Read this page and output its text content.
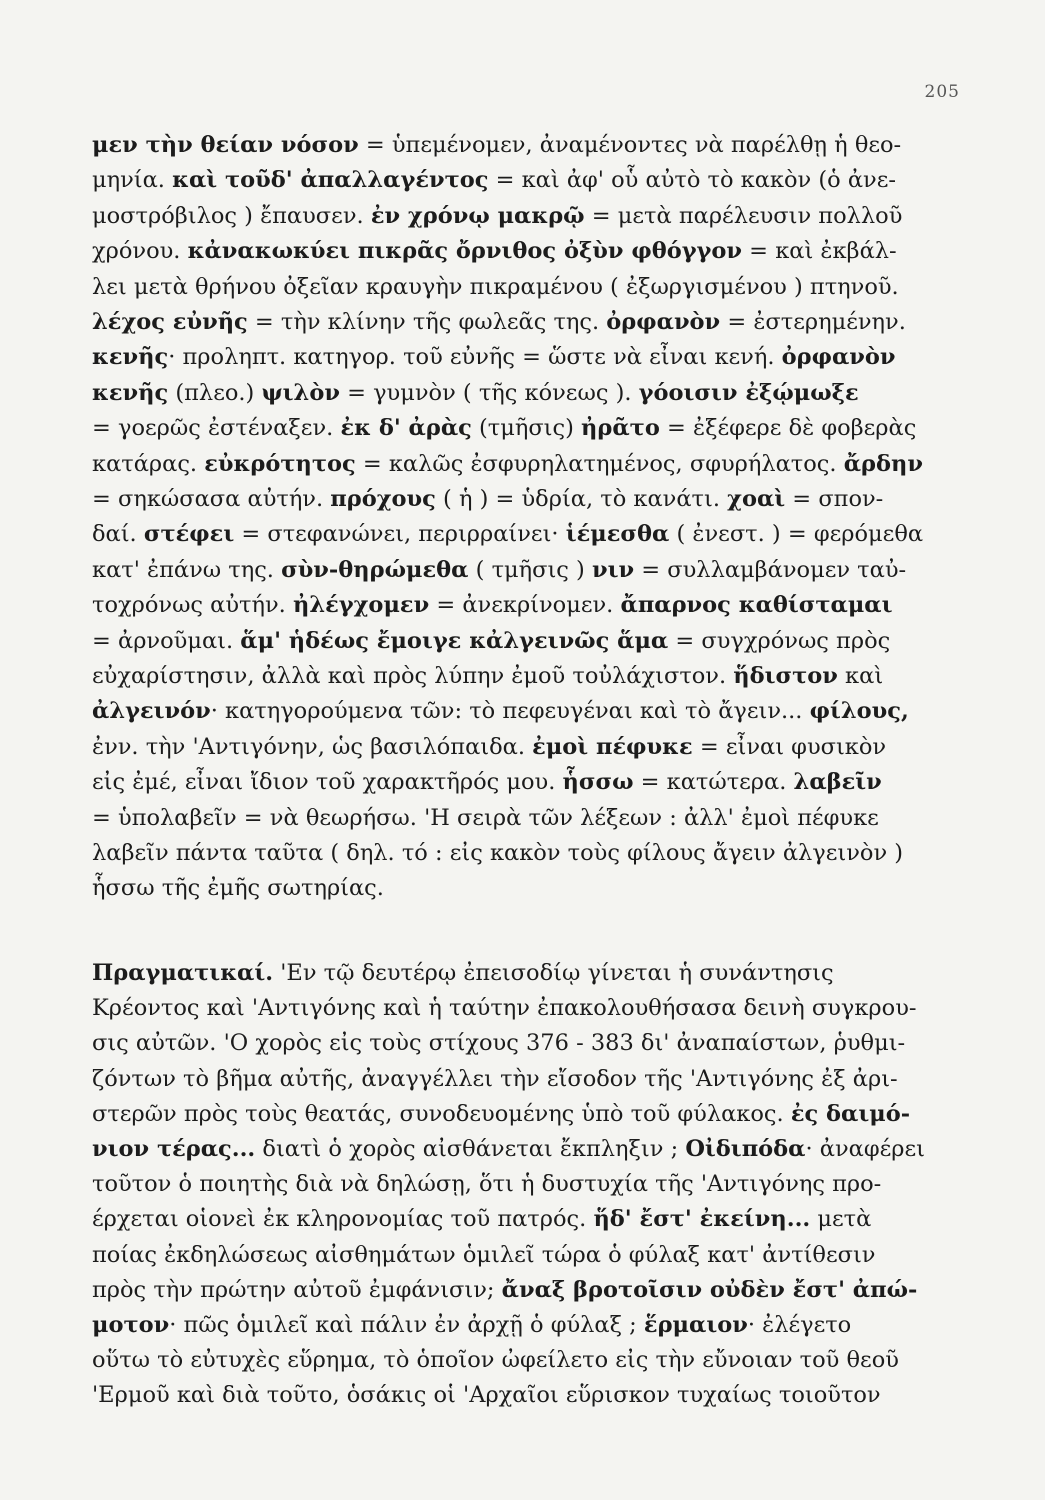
205
μεν τὴν θείαν νόσον = ὑπεμένομεν, ἀναμένοντες νὰ παρέλθῃ ἡ θεο-
μηνία. καὶ τοῦδ' ἀπαλλαγέντος = καὶ ἀφ' οὗ αὐτὸ τὸ κακὸν (ὁ ἀνε-
μοστρόβιλος ) ἔπαυσεν. ἐν χρόνῳ μακρῷ = μετὰ παρέλευσιν πολλοῦ
χρόνου. κἀνακωκύει πικρᾶς ὄρνιθος ὀξὺν φθόγγον = καὶ ἐκβάλ-
λει μετὰ θρήνου ὀξεῖαν κραυγὴν πικραμένου ( ἐξωργισμένου ) πτηνοῦ.
λέχος εὐνῆς = τὴν κλίνην τῆς φωλεᾶς της. ὀρφανὸν = ἐστερημένην.
κενῆς· προληπτ. κατηγορ. τοῦ εὐνῆς = ὥστε νὰ εἶναι κενή. ὀρφανὸν
κενῆς (πλεο.) ψιλὸν = γυμνὸν ( τῆς κόνεως ). γόοισιν ἐξῴμωξε
= γοερῶς ἐστέναξεν. ἐκ δ' ἀρὰς (τμῆσις) ἠρᾶτο = ἐξέφερε δὲ φοβερὰς
κατάρας. εὐκρότητος = καλῶς ἐσφυρηλατημένος, σφυρήλατος. ἄρδην
= σηκώσασα αὐτήν. πρόχους ( ἡ ) = ὑδρία, τὸ κανάτι. χοαὶ = σπον-
δαί. στέφει = στεφανώνει, περιρραίνει· ἱέμεσθα ( ἐνεστ. ) = φερόμεθα
κατ' ἐπάνω της. σὺν-θηρώμεθα ( τμῆσις ) νιν = συλλαμβάνομεν ταὐ-
τοχρόνως αὐτήν. ἠλέγχομεν = ἀνεκρίνομεν. ἄπαρνος καθίσταμαι
= ἀρνοῦμαι. ἅμ' ἡδέως ἔμοιγε κἀλγεινῶς ἅμα = συγχρόνως πρὸς
εὐχαρίστησιν, ἀλλὰ καὶ πρὸς λύπην ἐμοῦ τοὐλάχιστον. ἥδιστον καὶ
ἀλγεινόν· κατηγορούμενα τῶν: τὸ πεφευγέναι καὶ τὸ ἄγειν... φίλους,
ἐνν. τὴν 'Αντιγόνην, ὡς βασιλόπαιδα. ἐμοὶ πέφυκε = εἶναι φυσικὸν
εἰς ἐμέ, εἶναι ἴδιον τοῦ χαρακτῆρός μου. ἧσσω = κατώτερα. λαβεῖν
= ὑπολαβεῖν = νὰ θεωρήσω. 'Η σειρὰ τῶν λέξεων : ἀλλ' ἐμοὶ πέφυκε
λαβεῖν πάντα ταῦτα ( δηλ. τό : εἰς κακὸν τοὺς φίλους ἄγειν ἀλγεινὸν )
ἧσσω τῆς ἐμῆς σωτηρίας.
Πραγματικαί. 'Εν τῷ δευτέρῳ ἐπεισοδίῳ γίνεται ἡ συνάντησις
Κρέοντος καὶ 'Αντιγόνης καὶ ἡ ταύτην ἐπακολουθήσασα δεινὴ συγκρου-
σις αὐτῶν. 'Ο χορὸς εἰς τοὺς στίχους 376 - 383 δι' ἀναπαίστων, ῥυθμι-
ζόντων τὸ βῆμα αὐτῆς, ἀναγγέλλει τὴν εἴσοδον τῆς 'Αντιγόνης ἐξ ἀρι-
στερῶν πρὸς τοὺς θεατάς, συνοδευομένης ὑπὸ τοῦ φύλακος. ἐς δαιμό-
νιον τέρας... διατὶ ὁ χορὸς αἰσθάνεται ἔκπληξιν ; Οἰδιπόδα· ἀναφέρει
τοῦτον ὁ ποιητὴς διὰ νὰ δηλώσῃ, ὅτι ἡ δυστυχία τῆς 'Αντιγόνης προ-
έρχεται οἱονεὶ ἐκ κληρονομίας τοῦ πατρός. ἥδ' ἔστ' ἐκείνη... μετὰ
ποίας ἐκδηλώσεως αἰσθημάτων ὁμιλεῖ τώρα ὁ φύλαξ κατ' ἀντίθεσιν
πρὸς τὴν πρώτην αὐτοῦ ἐμφάνισιν; ἄναξ βροτοῖσιν οὐδὲν ἔστ' ἀπώ-
μοτον· πῶς ὁμιλεῖ καὶ πάλιν ἐν ἀρχῇ ὁ φύλαξ ; ἕρμαιον· ἐλέγετο
οὕτω τὸ εὐτυχὲς εὕρημα, τὸ ὁποῖον ὠφείλετο εἰς τὴν εὔνοιαν τοῦ θεοῦ
'Ερμοῦ καὶ διὰ τοῦτο, ὁσάκις οἱ 'Αρχαῖοι εὕρισκον τυχαίως τοιοῦτον
